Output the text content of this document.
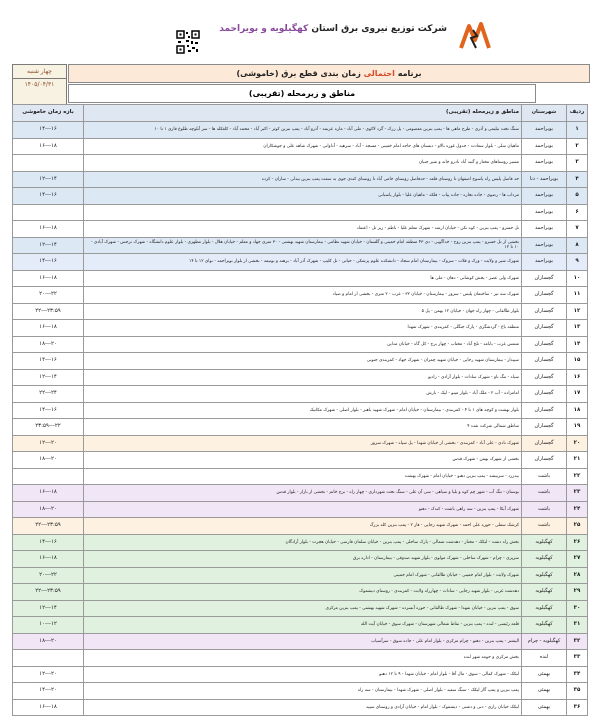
شرکت توزیع نیروی برق استان کهگیلویه و بویراحمد
چهار شنبه
۱۴۰۵/۰۴/۳۱
برنامه احتمالی زمان بندی قطع برق (خاموشی)
مناطق و زیرمحله (تقریبی)
ردیف	شهرستان	مناطق و زیرمحله (تقریبی)	بازه زمان خاموشی
۱	بویراحمد	سنگ تخت نیلیمی و آذری - طرح ماهی ها - پمپ بنزین معصومی - پل زرک - گرد لاکوی - ملی آباد - مازه عزیمه - آذرو آباد - پمپ بنزین کوثر - اکبر آباد - محمد آباد - کلغکله ها - سر آبلوچه طلوع قاری ۱ تا ۱۰	۱۴---۱۶
۲	بویراحمد	ماهیان سلی - بلوار سعادت - جدول غوره بالاو - دبستان های حاجه امام خمینی - مسجد - آباد - سرهیه - آداوانی - شهرک شاهد علی و جوشکاران	۱۶---۱۸
۳	بویراحمد	مسیر روستاهای مختار و گنبد آباد نادرو خانه و شیر جنبان	
۴	بویراحمد - دنا	حد فاصل پلیس راه پاسوج اصفهان تا روستای قلعه - حدفاصل روستای خامی آباد تا روستای کندی جوی به سمت پمپ بنزین بیدلی - ساران - کرده	۱۲---۱۴
۵	بویراحمد	مرداب ها - رضوی - جاده تجاره - جاده پیاب - فلکه - ماهیان علیا - بلوار پاسبانی	۱۴---۱۶
۶	بویراحمد		
۷	بویراحمد	تل خسرو - پمپ بنزین - کوه نکن - خیابان ارشد - شهرک معلم علیا - ناظم - زیر تل - اعتماد	۱۶---۱۸
۸	بویراحمد	بخشی از تل خسرو - پمپ بنزین روح - خداگویی - دی ۴۳ منطقه امام خمینی و گلستان - خیابان شهید نظامی - بیمارستان شهید بهشتی - ۳۰ متری جهاد و معلم - خیابان هلال - بلوار مطهری - بلوار علوم دانشگاه - شهرک نرجس - شهرک آبادی - ۱۰ تا ۱۲	۱۲---۱۴
۹	بویراحمد	شهرک شیر و ولایت - ورک و قلات - سروک - بیمارستان امام سجاد - دانشکده علوم پزشکی - حیاتی - تل کلیپ - شهرک آذر آباد - برهنه و بوتیمه - بخشی از بلوار بویراحمد - نوای ۱۲ تا ۱۴	۱۴---۱۶
۱۰	گچساران	شهرک ولی عصر - بخش کوشانی - دهان - ملی ها	۱۶---۱۸
۱۱	گچساران	شهرک سه تیر - ساختمان پلیس - سرور - بیمارستان - خیابان ۳۲ - عرب - ۲ متری - بخشی از امام و صیاد	۲۰---۲۲
۱۲	گچساران	بلوار طالقانی - چهار راه جهان - خیابان ۱۲ بهمن - پل ۵	۲۲---۲۳:۵۹
۱۳	گچساران	منطقه یاغ - گردشگری - پارک جنگلی - کمربندی - شهرک شهدا	۱۶---۱۸
۱۴	گچساران	شمس عرب - بابامد - تلخ آباد - مختاب - چهار برج - کل گاه - خیابان مداین	۱۸---۲۰
۱۵	گچساران	سپیدار - بیمارستان شهید رجایی - خیابان شهید چمران - شهرک جهاد - کمربندی جنوبی	۱۴---۱۶
۱۶	گچساران	سیاه - تنگ ناو - شهرک سادات - بلوار آزادی - رادیو	۱۲---۱۴
۱۷	گچساران	امامزاده - آب ۲ - ملک آباد - بلوار مینو - لیک - بارش	۲۲---۲۴
۱۸	گچساران	بلوار بهشت و کوچه های ۱ تا ۴ - کمربندی - بیمارستان - خیابان امام - شهرک شهید باهنر - بلوار اصلی - شهرک مکانیک	۱۴---۱۶
۱۹	گچساران	مناطق شمالی شرکت نفت ۴	۲۳:۵۹---۲۲
۲۰	گچساران	شهرک نادی - علی آباد - کمربندی - بخشی از خیابان شهدا - پل سپاه - شهرک سرور	۱۲---۲۰
۲۱	گچساران	بخشی از شهرک بهمن - شهرک قدس	۱۸---۲۰
۲۲	باشت	بیدزرد - سربیشه - پمپ بنزین دهنو - خیابان امام - شهرک بهشت	
۲۳	باشت	بوستان - تنگ آب - شهر چم کوه و بلیا و سیاهی - سی آن علی - سنگ تخت شهرداری - چهار راه - برج خاتم - بخشی از بازار - بلوار قدس	۱۶---۱۸
۲۴	باشت	شهرک آبکا - پمپ بنزین - سه راهی باشت - کندک - دهنو	۱۸---۲۰
۲۵	باشت	کرشک سفلی - حوزه علی احمد - شهرک شهید رجایی - فاز ۲ - پمپ بنزین کله بزرگ	۲۲---۲۳:۵۹
۲۶	کهگیلویه	بخش راه دشت - لیکک - مختار - دهدشت شمالی - پارک ساحلی - پمپ بنزین - خیابان سلمان فارسی - خیابان هجرت - بلوار آزادگان	۱۴---۱۶
۲۷	کهگیلویه	سرپری - چرام - شهرک ساحلی - شهرک مولوی - بلوار شهید صدوقی - بیمارستان - اداره برق	۱۶---۱۸
۲۸	کهگیلویه	شهرک ولایت - بلوار امام خمینی - خیابان طالقانی - شهرک امام خمینی	۲۰---۲۲
۲۹	کهگیلویه	دهدشت غربی - بلوار شهید رجایی - سادات - چهارراه ولایت - کمربندی - روستای دیشموک	۲۲---۲۳:۵۹
۳۰	کهگیلویه	سوق - پمپ بنزین - خیابان شهدا - شهرک طالقانی - حوزه آبسرده - شهرک شهید بهشتی - پمپ بنزین مرکزی	۱۲---۱۴
۳۱	کهگیلویه	قلعه رئیسی - لنده - پمپ بنزین - نقاط شمالی شهرستان - شهرک سوق - خیابان آیت الله	۱۰---۱۲
۳۲	کهگیلویه - چرام	الیشتر - پمپ بنزین - دهنو - چرام مرکزی - بلوار امام علی - جاده سوق - سرآسیاب	۱۸---۲۰
۳۳	لنده	بخش مرکزی و حومه شهر لنده	
۳۴	بهمئی	لیکک - شهرک کمالی - سوق - مال آقا - بلوار امام - خیابان شهدا - ۹ تا ۱۲ دهنو	۱۲---۲۰
۳۵	بهمئی	پمپ بنزین و پمپ گاز لیکک - سنگ سفید - بلوار اصلی - شهرک شهدا - بیمارستان - سه راه	۱۴---۲۰
۳۶	بهمئی	لیکک خیابان رازی - دنی و دشتی - دیشموک - بلوار امام - خیابان آزادی و روستای سپید	۱۶---۱۸
